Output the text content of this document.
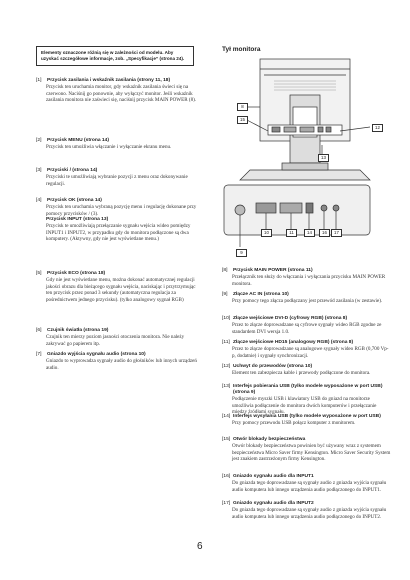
Elementy oznaczone różnią się w zależności od modelu. Aby uzyskać szczegółowe informacje, zob. „Specyfikacje” (strona 24).
[1]	Przycisk zasilania i wskaźnik zasilania (strony 11, 18)
Przycisk ten uruchamia monitor, gdy wskaźnik zasilania świeci się na czerwono. Naciśnij go ponownie, aby wyłączyć monitor. Jeśli wskaźnik zasilania monitora nie zaświeci się, naciśnij przycisk MAIN POWER (8).
[2]	Przycisk MENU (strona 14)
Przycisk ten umożliwia włączanie i wyłączanie ekranu menu.
[3]	Przyciski / (strona 14)
Przyciski te umożliwiają wybranie pozycji z menu oraz dokonywanie regulacji.
[4]	Przycisk OK (strona 14)
Przycisk ten uruchamia wybraną pozycję menu i regulację dokonane przy pomocy przycisków / (3).
Przycisk INPUT (strona 13)
Przycisk te umożliwiają przełączanie sygnału wejścia wideo pomiędzy INPUT1 i INPUT2, w przypadku gdy do monitora podłączone są dwa komputery. (Aktywny, gdy nie jest wyświetlane menu.)
[5]	Przycisk ECO (strona 18)
Gdy nie jest wyświetlane menu, można dokonać automatycznej regulacji jakości obrazu dla bieżącego sygnału wejścia, naciskając i przytrzymując ten przycisk przez ponad 3 sekundy (automatyczna regulacja za pośrednictwem jednego przycisku). (tylko analogowy sygnał RGB)
[6]	Czujnik światła (strona 19)
Czujnik ten mierzy poziom jasności otoczenia monitora. Nie należy zakrywać go papierem itp.
[7]	Gniazdo wyjścia sygnału audio (strona 10)
Gniazdo to wyprowadza sygnały audio do głośników lub innych urządzeń audio.
Tył monitora
8
15
12
13
9
10	11	14	16	17
[8]	Przycisk MAIN POWER (strona 11)
Przełącznik ten służy do włączania i wyłączania przycisku MAIN POWER monitora.
[9]	Złącze AC IN (strona 10)
Przy pomocy tego złącza podłączany jest przewód zasilania (w zestawie).
[10] Złącze wejściowe DVI-D (cyfrowy RGB) (strona 8)
Przez to złącze doprowadzane są cyfrowe sygnały wideo RGB zgodne ze standardem DVI wersja 1.0.
[11] Złącze wejściowe HD15 (analogowy RGB) (strona 8)
Przez to złącze doprowadzane są analogowe sygnały wideo RGB (0,700 Vp-p, dodatnie) i sygnały synchronizacji.
[12] Uchwyt do przewodów (strona 10)
Element ten zabezpiecza kable i przewody podłączone do monitora.
[13] Interfejs pobierania USB (tylko modele wyposażone w port USB) (strona 9)
Podłączenie myszki USB i klawiatury USB do gniazd na monitorze umożliwia podłączenie do monitora dwóch komputerów i przełączanie między źródłami sygnału.
[14] Interfejs wysyłania USB (tylko modele wyposażone w port USB)
Przy pomocy przewodu USB połącz komputer z monitorem.
[15] Otwór blokady bezpieczeństwa
Otwór blokady bezpieczeństwa powinien być używany wraz z systemem bezpieczeństwa Micro Saver firmy Kensington. Micro Saver Security System jest znakiem zastrzeżonym firmy Kensington.
[16] Gniazdo sygnału audio dla INPUT1
Do gniazda tego doprowadzane są sygnały audio z gniazda wyjścia sygnału audio komputera lub innego urządzenia audio podłączonego do INPUT1.
[17] Gniazdo sygnału audio dla INPUT2
Do gniazda tego doprowadzane są sygnały audio z gniazda wyjścia sygnału audio komputera lub innego urządzenia audio podłączonego do INPUT2.
6
